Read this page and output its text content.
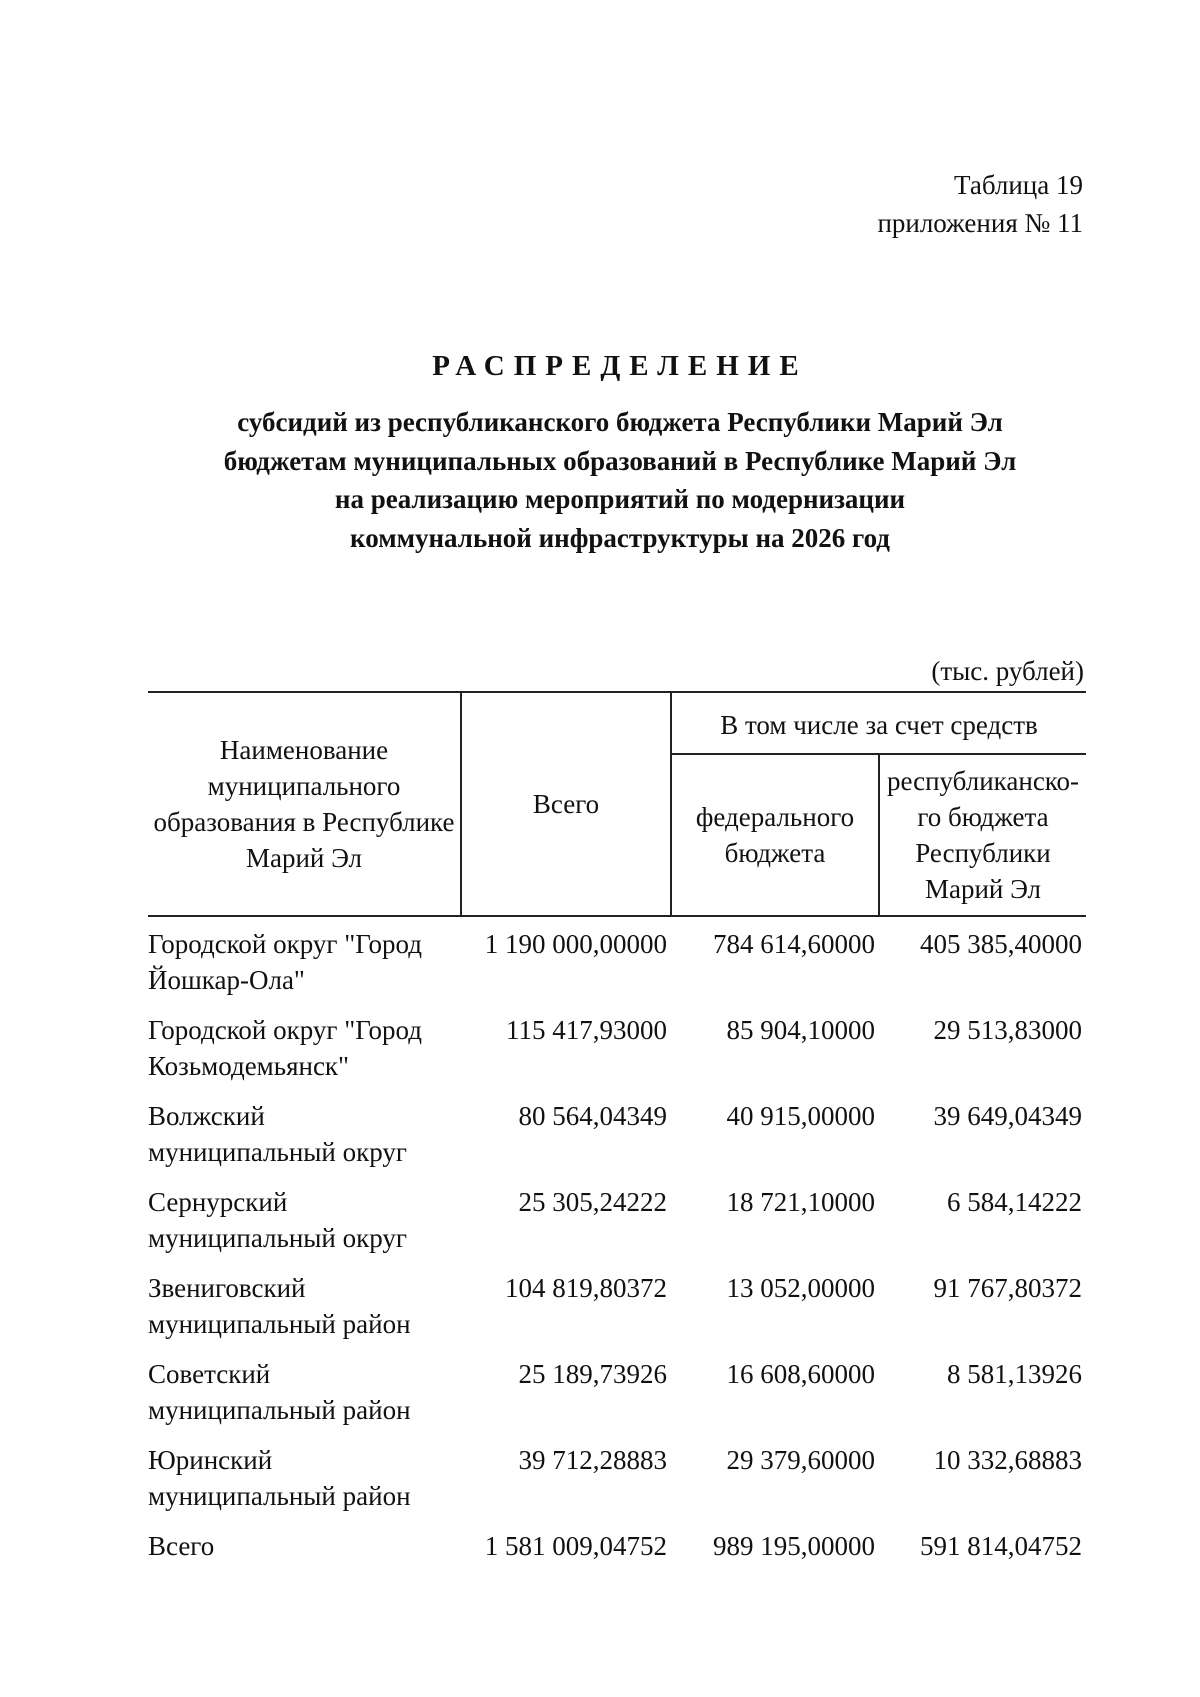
Таблица 19
приложения № 11
РАСПРЕДЕЛЕНИЕ
субсидий из республиканского бюджета Республики Марий Эл
бюджетам муниципальных образований в Республике Марий Эл
на реализацию мероприятий по модернизации
коммунальной инфраструктуры на 2026 год
(тыс. рублей)
Наименование муниципального образования в Республике Марий Эл	Всего	В том числе за счет средств	
		федерального бюджета	республиканско-го бюджета Республики Марий Эл
Городской округ "Город Йошкар-Ола"	1 190 000,00000	784 614,60000	405 385,40000
Городской округ "Город Козьмодемьянск"	115 417,93000	85 904,10000	29 513,83000
Волжский муниципальный округ	80 564,04349	40 915,00000	39 649,04349
Сернурский муниципальный округ	25 305,24222	18 721,10000	6 584,14222
Звениговский муниципальный район	104 819,80372	13 052,00000	91 767,80372
Советский муниципальный район	25 189,73926	16 608,60000	8 581,13926
Юринский муниципальный район	39 712,28883	29 379,60000	10 332,68883
Всего	1 581 009,04752	989 195,00000	591 814,04752
